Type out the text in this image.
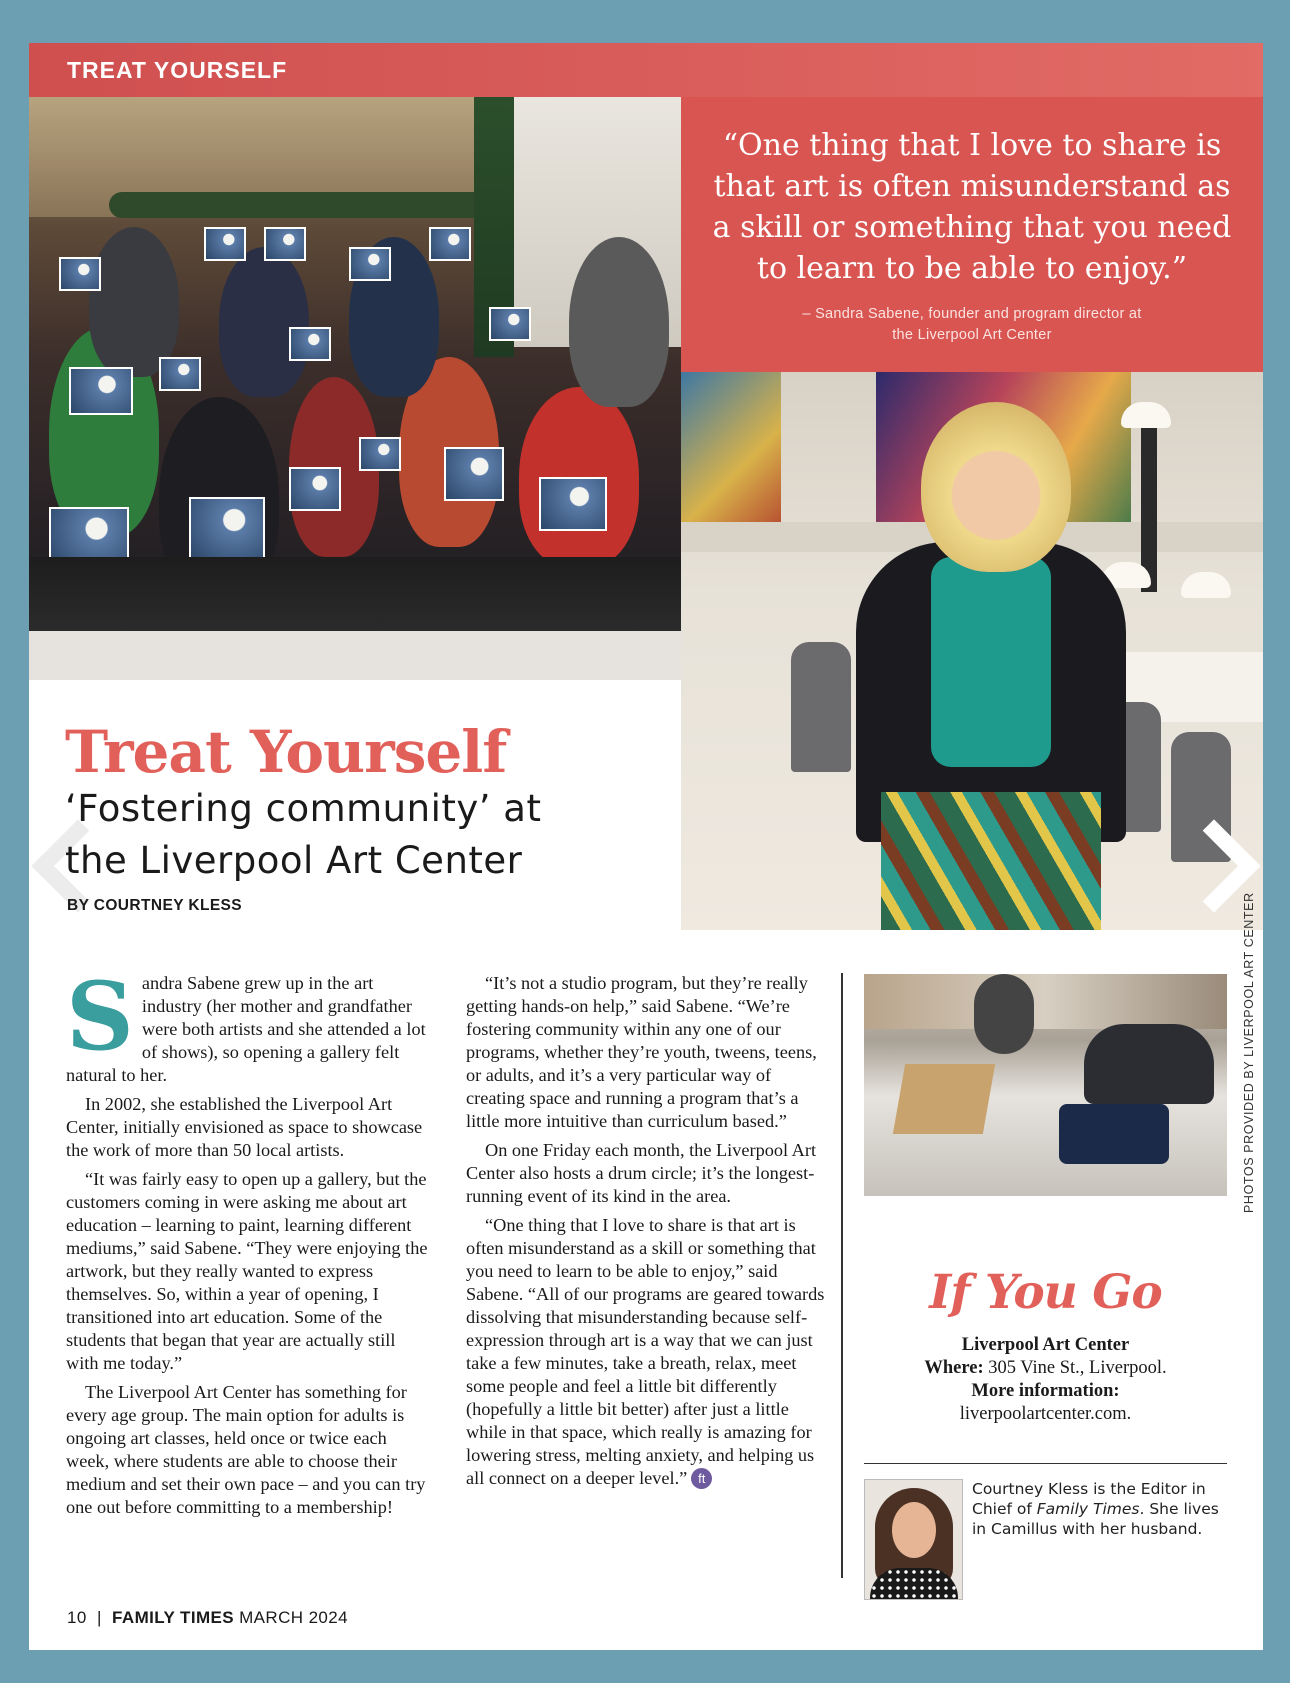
TREAT YOURSELF
“One thing that I love to share is that art is often misunderstand as a skill or something that you need to learn to be able to enjoy.”
– Sandra Sabene, founder and program director at
the Liverpool Art Center
Treat Yourself
‘Fostering community’ at
the Liverpool Art Center
BY COURTNEY KLESS

Sandra Sabene grew up in the art industry (her mother and grandfather were both artists and she attended a lot of shows), so opening a gallery felt natural to her.

In 2002, she established the Liverpool Art Center, initially envisioned as space to showcase the work of more than 50 local artists.

“It was fairly easy to open up a gallery, but the customers coming in were asking me about art education – learning to paint, learning different mediums,” said Sabene. “They were enjoying the artwork, but they really wanted to express themselves. So, within a year of opening, I transitioned into art education. Some of the students that began that year are actually still with me today.”

The Liverpool Art Center has something for every age group. The main option for adults is ongoing art classes, held once or twice each week, where students are able to choose their medium and set their own pace – and you can try one out before committing to a membership!

“It’s not a studio program, but they’re really getting hands-on help,” said Sabene. “We’re fostering community within any one of our programs, whether they’re youth, tweens, teens, or adults, and it’s a very particular way of creating space and running a program that’s a little more intuitive than curriculum based.”

On one Friday each month, the Liverpool Art Center also hosts a drum circle; it’s the longest-running event of its kind in the area.

“One thing that I love to share is that art is often misunderstand as a skill or something that you need to learn to be able to enjoy,” said Sabene. “All of our programs are geared towards dissolving that misunderstanding because self-expression through art is a way that we can just take a few minutes, take a breath, relax, meet some people and feel a little bit differently (hopefully a little bit better) after just a little while in that space, which really is amazing for lowering stress, melting anxiety, and helping us all connect on a deeper level.” ft

PHOTOS PROVIDED BY LIVERPOOL ART CENTER
If You Go
Liverpool Art Center
Where: 305 Vine St., Liverpool.
More information:
liverpoolartcenter.com.
Courtney Kless is the Editor in Chief of Family Times. She lives in Camillus with her husband.
10 | FAMILY TIMES MARCH 2024
